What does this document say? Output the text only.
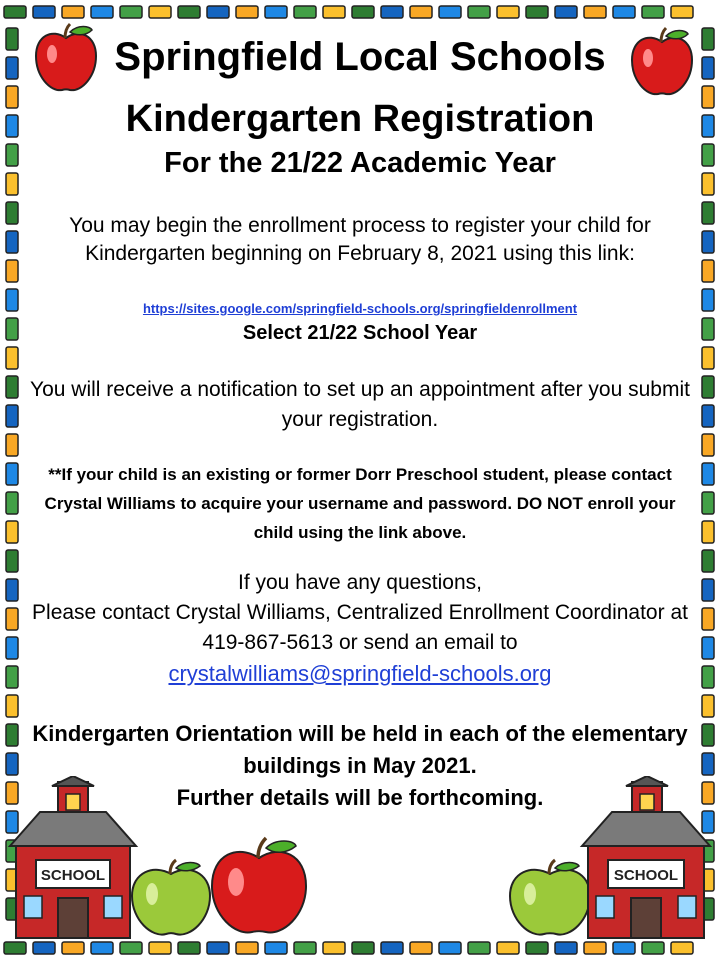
Springfield Local Schools
Kindergarten Registration
For the 21/22 Academic Year
You may begin the enrollment process to register your child for Kindergarten beginning on February 8, 2021 using this link:
https://sites.google.com/springfield-schools.org/springfieldenrollment
Select 21/22 School Year
You will receive a notification to set up an appointment after you submit your registration.
**If your child is an existing or former Dorr Preschool student, please contact Crystal Williams to acquire your username and password. DO NOT enroll your child using the link above.
If you have any questions,
Please contact Crystal Williams, Centralized Enrollment Coordinator at 419-867-5613 or send an email to
crystalwilliams@springfield-schools.org
Kindergarten Orientation will be held in each of the elementary buildings in May 2021.
Further details will be forthcoming.
SCHOOL	SCHOOL
